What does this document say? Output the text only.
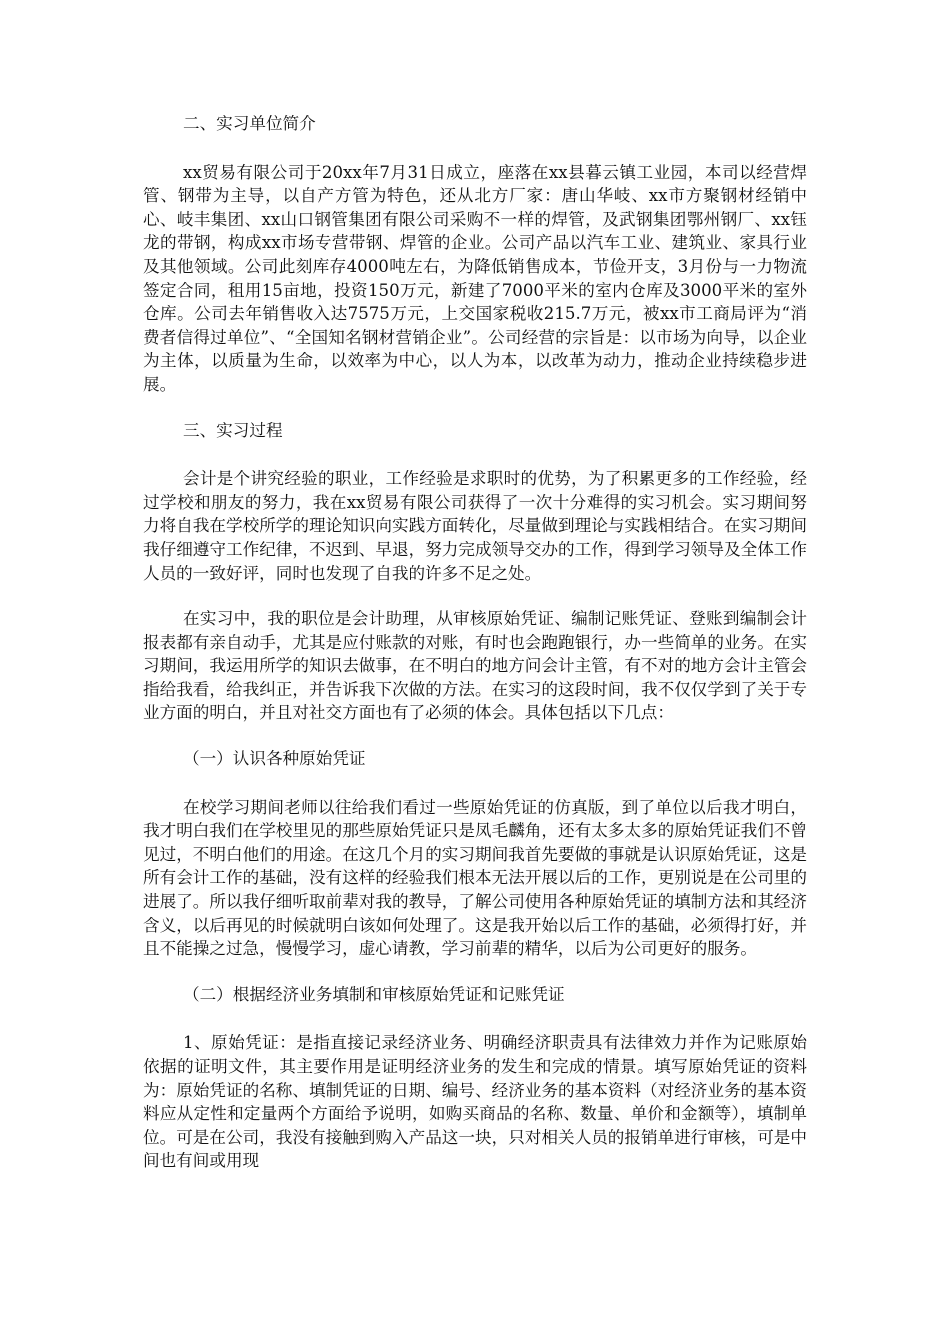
二、实习单位简介

xx贸易有限公司于20xx年7月31日成立，座落在xx县暮云镇工业园，本司以经营焊管、钢带为主导，以自产方管为特色，还从北方厂家：唐山华岐、xx市方聚钢材经销中心、岐丰集团、xx山口钢管集团有限公司采购不一样的焊管，及武钢集团鄂州钢厂、xx钰龙的带钢，构成xx市场专营带钢、焊管的企业。公司产品以汽车工业、建筑业、家具行业及其他领域。公司此刻库存4000吨左右，为降低销售成本，节俭开支，3月份与一力物流签定合同，租用15亩地，投资150万元，新建了7000平米的室内仓库及3000平米的室外仓库。公司去年销售收入达7575万元，上交国家税收215.7万元，被xx市工商局评为“消费者信得过单位”、“全国知名钢材营销企业”。公司经营的宗旨是：以市场为向导，以企业为主体，以质量为生命，以效率为中心，以人为本，以改革为动力，推动企业持续稳步进展。

三、实习过程

会计是个讲究经验的职业，工作经验是求职时的优势，为了积累更多的工作经验，经过学校和朋友的努力，我在xx贸易有限公司获得了一次十分难得的实习机会。实习期间努力将自我在学校所学的理论知识向实践方面转化，尽量做到理论与实践相结合。在实习期间我仔细遵守工作纪律，不迟到、早退，努力完成领导交办的工作，得到学习领导及全体工作人员的一致好评，同时也发现了自我的许多不足之处。

在实习中，我的职位是会计助理，从审核原始凭证、编制记账凭证、登账到编制会计报表都有亲自动手，尤其是应付账款的对账，有时也会跑跑银行，办一些简单的业务。在实习期间，我运用所学的知识去做事，在不明白的地方问会计主管，有不对的地方会计主管会指给我看，给我纠正，并告诉我下次做的方法。在实习的这段时间，我不仅仅学到了关于专业方面的明白，并且对社交方面也有了必须的体会。具体包括以下几点：

（一）认识各种原始凭证

在校学习期间老师以往给我们看过一些原始凭证的仿真版，到了单位以后我才明白，我才明白我们在学校里见的那些原始凭证只是凤毛麟角，还有太多太多的原始凭证我们不曾见过，不明白他们的用途。在这几个月的实习期间我首先要做的事就是认识原始凭证，这是所有会计工作的基础，没有这样的经验我们根本无法开展以后的工作，更别说是在公司里的进展了。所以我仔细听取前辈对我的教导，了解公司使用各种原始凭证的填制方法和其经济含义，以后再见的时候就明白该如何处理了。这是我开始以后工作的基础，必须得打好，并且不能操之过急，慢慢学习，虚心请教，学习前辈的精华，以后为公司更好的服务。

（二）根据经济业务填制和审核原始凭证和记账凭证

1、原始凭证：是指直接记录经济业务、明确经济职责具有法律效力并作为记账原始依据的证明文件，其主要作用是证明经济业务的发生和完成的情景。填写原始凭证的资料为：原始凭证的名称、填制凭证的日期、编号、经济业务的基本资料（对经济业务的基本资料应从定性和定量两个方面给予说明，如购买商品的名称、数量、单价和金额等），填制单位。可是在公司，我没有接触到购入产品这一块，只对相关人员的报销单进行审核，可是中间也有间或用现
